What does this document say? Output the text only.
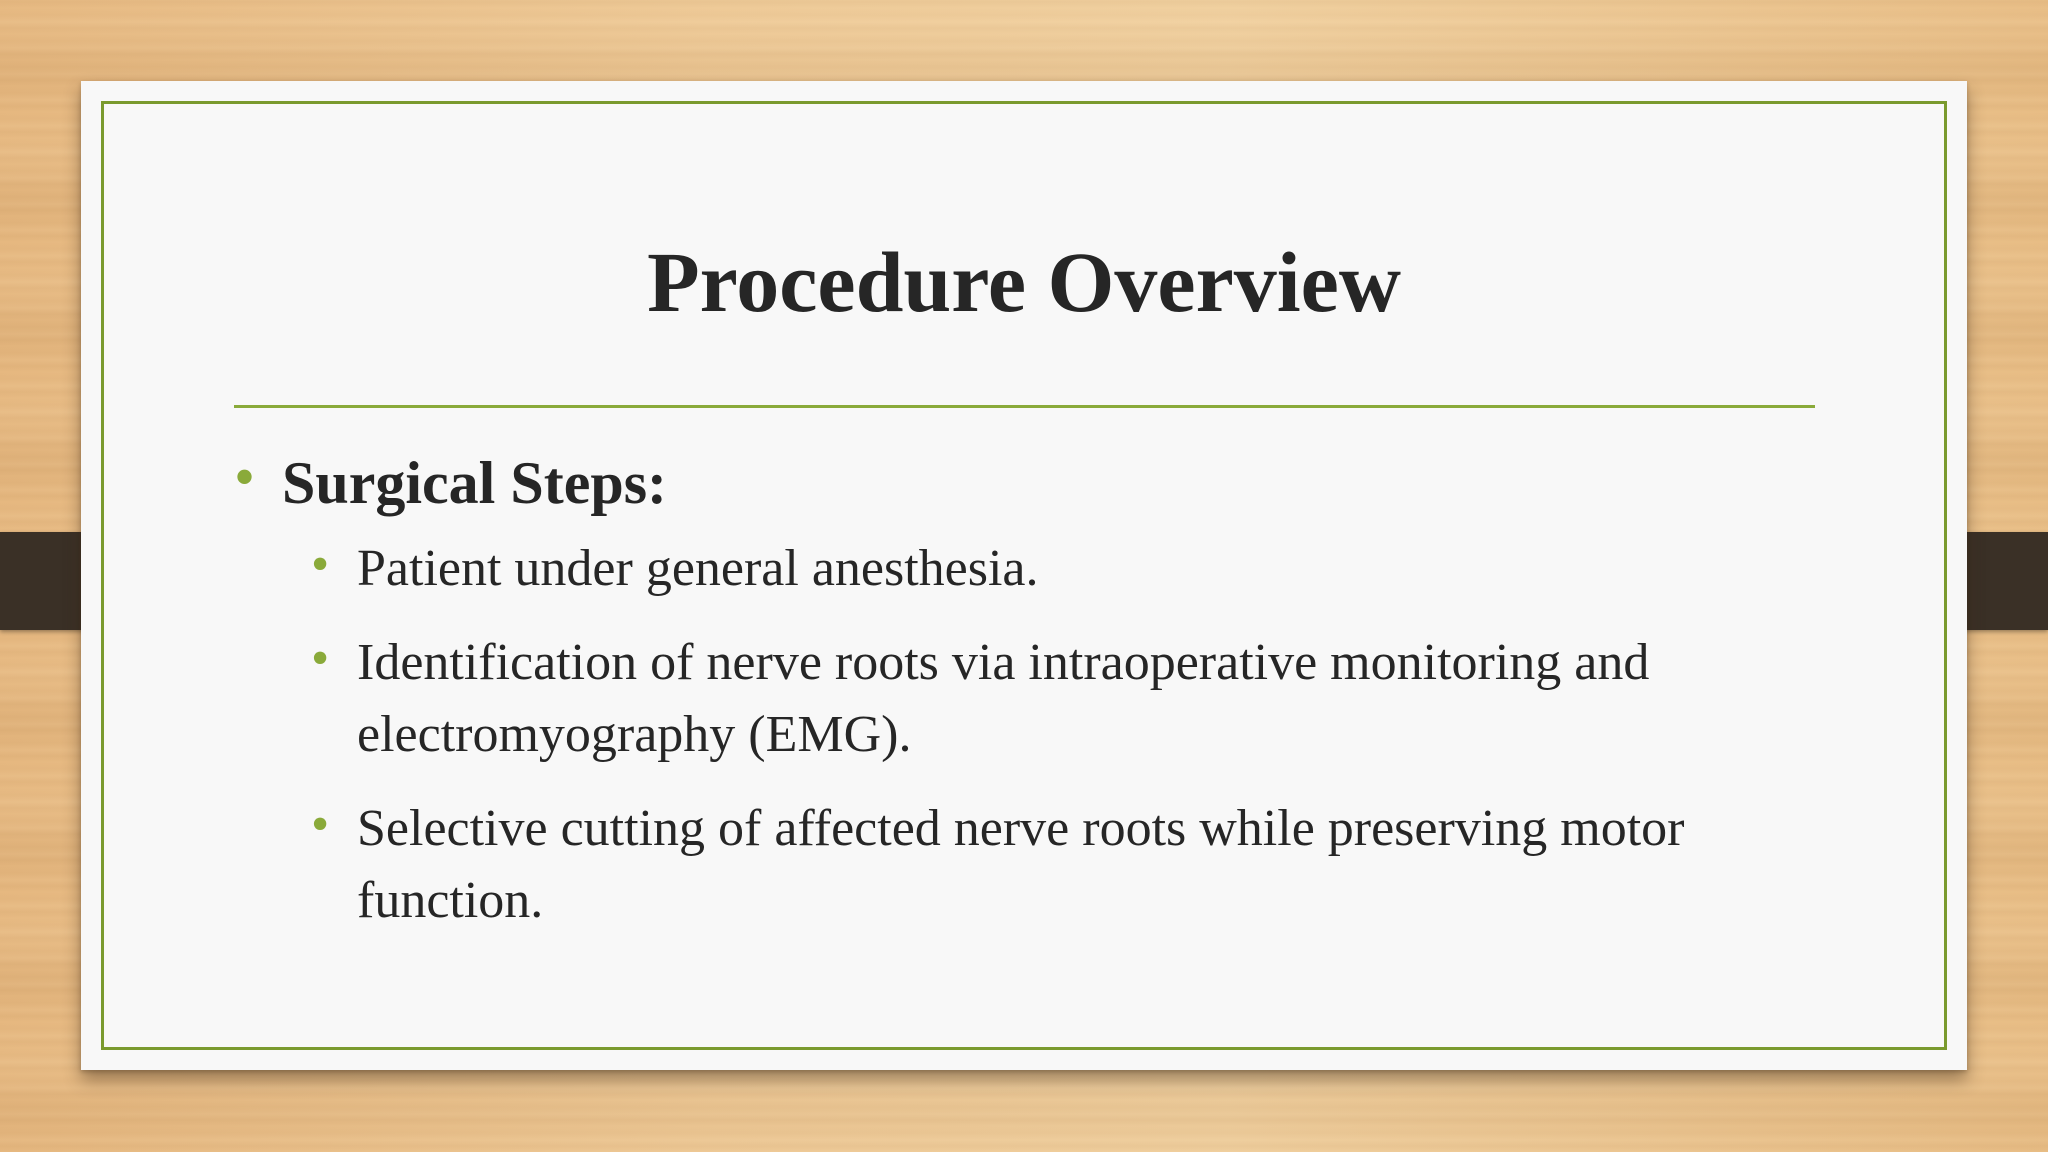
Procedure Overview
• Surgical Steps:
• Patient under general anesthesia.
• Identification of nerve roots via intraoperative monitoring and electromyography (EMG).
• Selective cutting of affected nerve roots while preserving motor function.
